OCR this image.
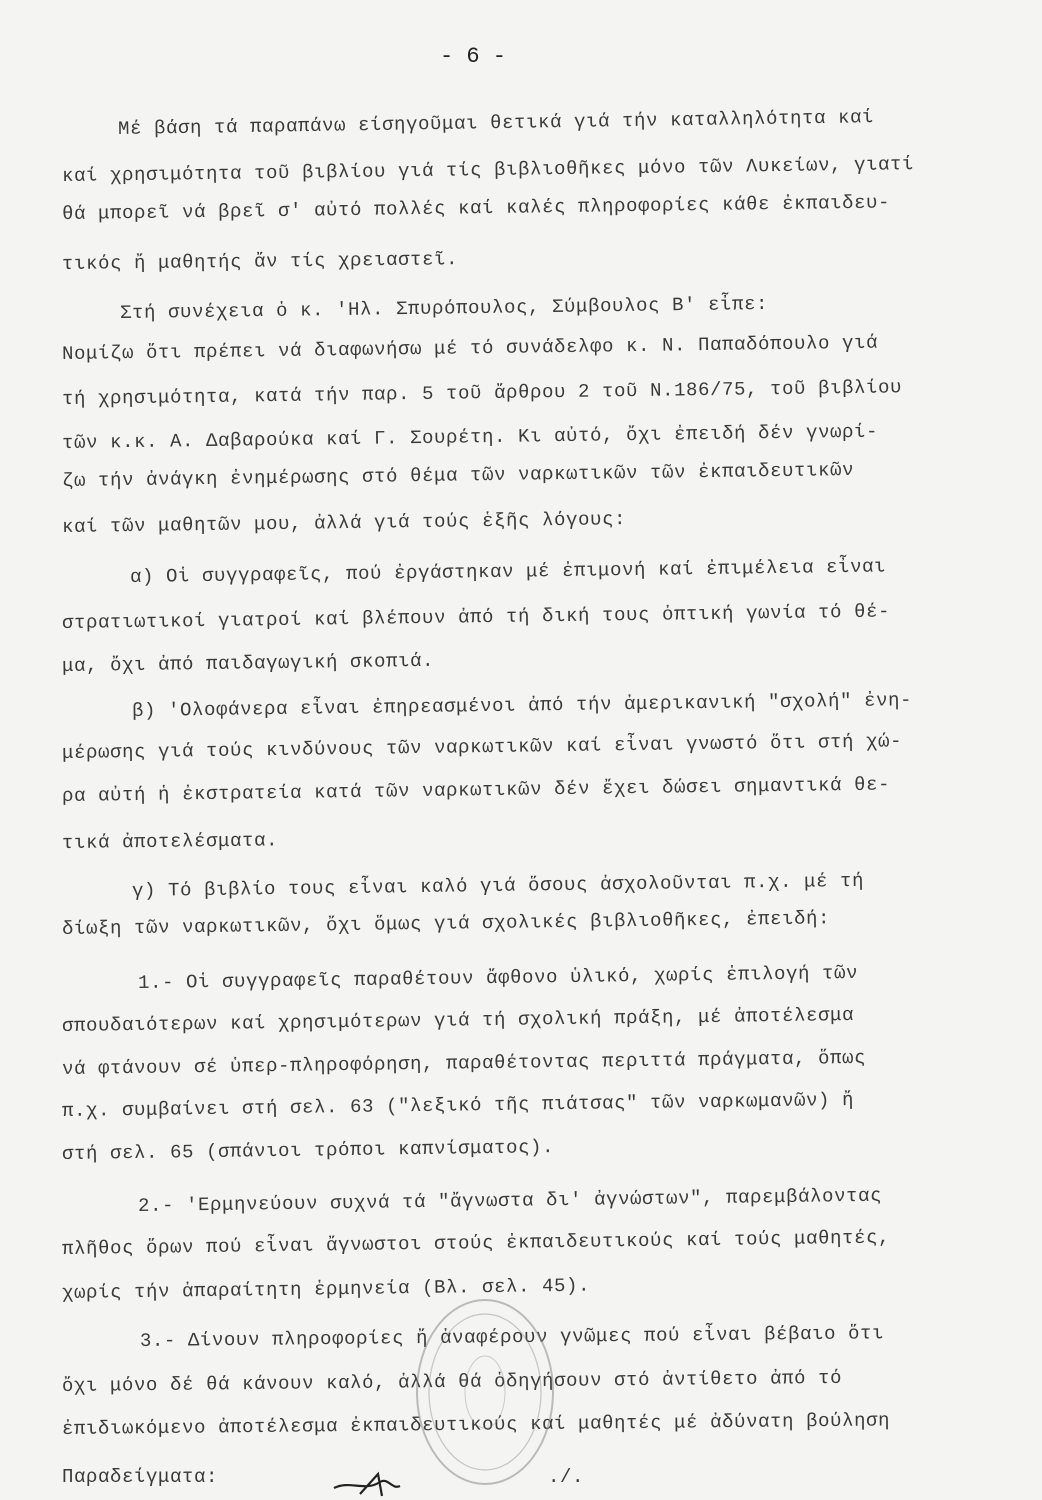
- 6 -
Μέ βάση τά παραπάνω είσηγοῦμαι θετικά γιά τήν καταλληλότητα καί
καί χρησιμότητα τοῦ βιβλίου γιά τίς βιβλιοθῆκες μόνο τῶν Λυκείων, γιατί
θά μπορεῖ νά βρεῖ σ' αὐτό πολλές καί καλές πληροφορίες κάθε ἐκπαιδευ-
τικός ἤ μαθητής ἄν τίς χρειαστεῖ.
Στή συνέχεια ὁ κ. 'Ηλ. Σπυρόπουλος, Σύμβουλος Β' εἶπε:
Νομίζω ὅτι πρέπει νά διαφωνήσω μέ τό συνάδελφο κ. Ν. Παπαδόπουλο γιά
τή χρησιμότητα, κατά τήν παρ. 5 τοῦ ἄρθρου 2 τοῦ Ν.186/75, τοῦ βιβλίου
τῶν κ.κ. Α. Δαβαρούκα καί Γ. Σουρέτη. Κι αὐτό, ὄχι ἐπειδή δέν γνωρί-
ζω τήν ἀνάγκη ἐνημέρωσης στό θέμα τῶν ναρκωτικῶν τῶν ἐκπαιδευτικῶν
καί τῶν μαθητῶν μου, ἀλλά γιά τούς ἑξῆς λόγους:
α) Οἱ συγγραφεῖς, πού ἐργάστηκαν μέ ἐπιμονή καί ἐπιμέλεια εἶναι
στρατιωτικοί γιατροί καί βλέπουν ἀπό τή δική τους ὀπτική γωνία τό θέ-
μα, ὄχι ἀπό παιδαγωγική σκοπιά.
β) 'Ολοφάνερα εἶναι ἐπηρεασμένοι ἀπό τήν ἀμερικανική "σχολή" ἐνη-
μέρωσης γιά τούς κινδύνους τῶν ναρκωτικῶν καί εἶναι γνωστό ὅτι στή χώ-
ρα αὐτή ἡ ἐκστρατεία κατά τῶν ναρκωτικῶν δέν ἔχει δώσει σημαντικά θε-
τικά ἀποτελέσματα.
γ) Τό βιβλίο τους εἶναι καλό γιά ὅσους ἀσχολοῦνται π.χ. μέ τή
δίωξη τῶν ναρκωτικῶν, ὄχι ὅμως γιά σχολικές βιβλιοθῆκες, ἐπειδή:
1.- Οἱ συγγραφεῖς παραθέτουν ἄφθονο ὑλικό, χωρίς ἐπιλογή τῶν
σπουδαιότερων καί χρησιμότερων γιά τή σχολική πράξη, μέ ἀποτέλεσμα
νά φτάνουν σέ ὑπερ-πληροφόρηση, παραθέτοντας περιττά πράγματα, ὅπως
π.χ. συμβαίνει στή σελ. 63 ("λεξικό τῆς πιάτσας" τῶν ναρκωμανῶν) ἤ
στή σελ. 65 (σπάνιοι τρόποι καπνίσματος).
2.- 'Ερμηνεύουν συχνά τά "ἄγνωστα δι' ἀγνώστων", παρεμβάλοντας
πλῆθος ὅρων πού εἶναι ἄγνωστοι στούς ἐκπαιδευτικούς καί τούς μαθητές,
χωρίς τήν ἀπαραίτητη ἑρμηνεία (Βλ. σελ. 45).
3.- Δίνουν πληροφορίες ἤ ἀναφέρουν γνῶμες πού εἶναι βέβαιο ὅτι
ὄχι μόνο δέ θά κάνουν καλό, ἀλλά θά ὁδηγήσουν στό ἀντίθετο ἀπό τό
ἐπιδιωκόμενο ἀποτέλεσμα ἐκπαιδευτικούς καί μαθητές μέ ἀδύνατη βούληση
Παραδείγματα:	./.
